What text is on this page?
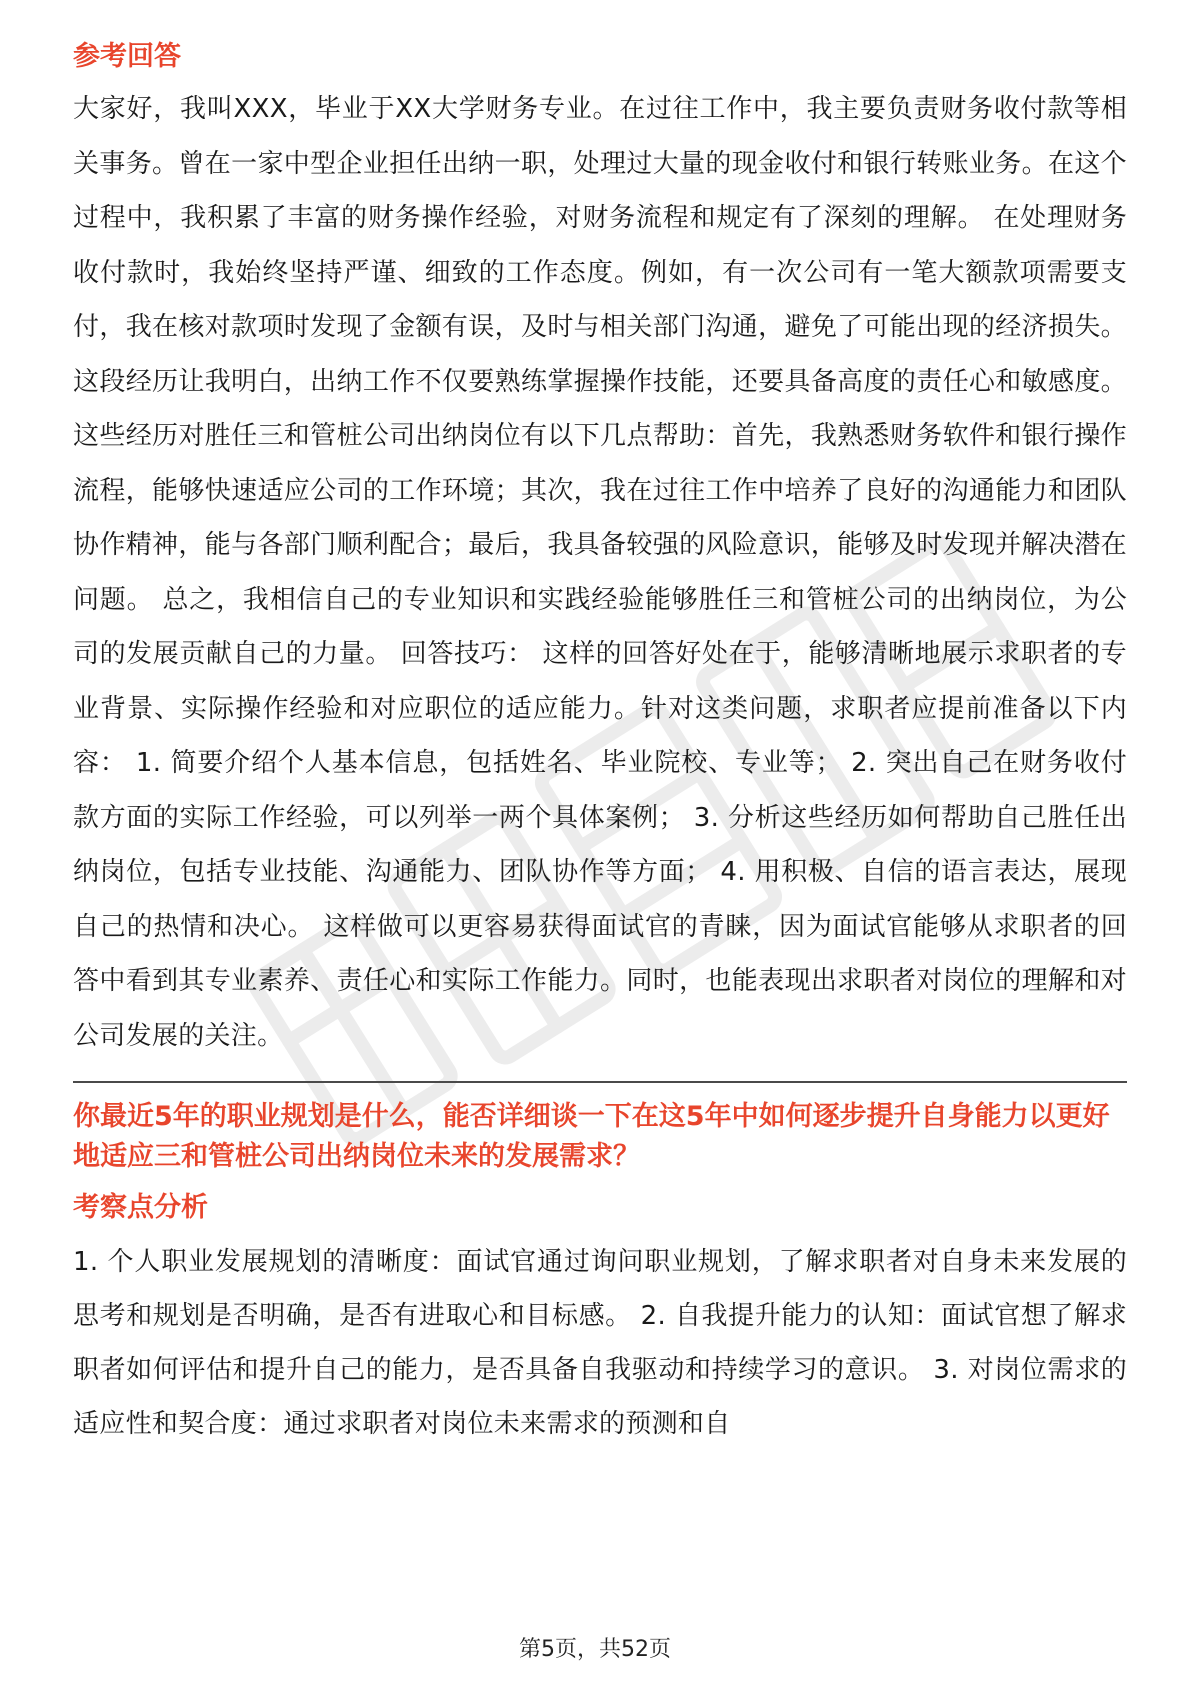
参考回答

大家好，我叫XXX，毕业于XX大学财务专业。在过往工作中，我主要负责财务收付款等相关事务。曾在一家中型企业担任出纳一职，处理过大量的现金收付和银行转账业务。在这个过程中，我积累了丰富的财务操作经验，对财务流程和规定有了深刻的理解。 在处理财务收付款时，我始终坚持严谨、细致的工作态度。例如，有一次公司有一笔大额款项需要支付，我在核对款项时发现了金额有误，及时与相关部门沟通，避免了可能出现的经济损失。这段经历让我明白，出纳工作不仅要熟练掌握操作技能，还要具备高度的责任心和敏感度。 这些经历对胜任三和管桩公司出纳岗位有以下几点帮助：首先，我熟悉财务软件和银行操作流程，能够快速适应公司的工作环境；其次，我在过往工作中培养了良好的沟通能力和团队协作精神，能与各部门顺利配合；最后，我具备较强的风险意识，能够及时发现并解决潜在问题。 总之，我相信自己的专业知识和实践经验能够胜任三和管桩公司的出纳岗位，为公司的发展贡献自己的力量。 回答技巧： 这样的回答好处在于，能够清晰地展示求职者的专业背景、实际操作经验和对应职位的适应能力。针对这类问题，求职者应提前准备以下内容： 1. 简要介绍个人基本信息，包括姓名、毕业院校、专业等； 2. 突出自己在财务收付款方面的实际工作经验，可以列举一两个具体案例； 3. 分析这些经历如何帮助自己胜任出纳岗位，包括专业技能、沟通能力、团队协作等方面； 4. 用积极、自信的语言表达，展现自己的热情和决心。 这样做可以更容易获得面试官的青睐，因为面试官能够从求职者的回答中看到其专业素养、责任心和实际工作能力。同时，也能表现出求职者对岗位的理解和对公司发展的关注。

你最近5年的职业规划是什么，能否详细谈一下在这5年中如何逐步提升自身能力以更好地适应三和管桩公司出纳岗位未来的发展需求？
考察点分析

1. 个人职业发展规划的清晰度：面试官通过询问职业规划，了解求职者对自身未来发展的思考和规划是否明确，是否有进取心和目标感。 2. 自我提升能力的认知：面试官想了解求职者如何评估和提升自己的能力，是否具备自我驱动和持续学习的意识。 3. 对岗位需求的适应性和契合度：通过求职者对岗位未来需求的预测和自

第5页，共52页
